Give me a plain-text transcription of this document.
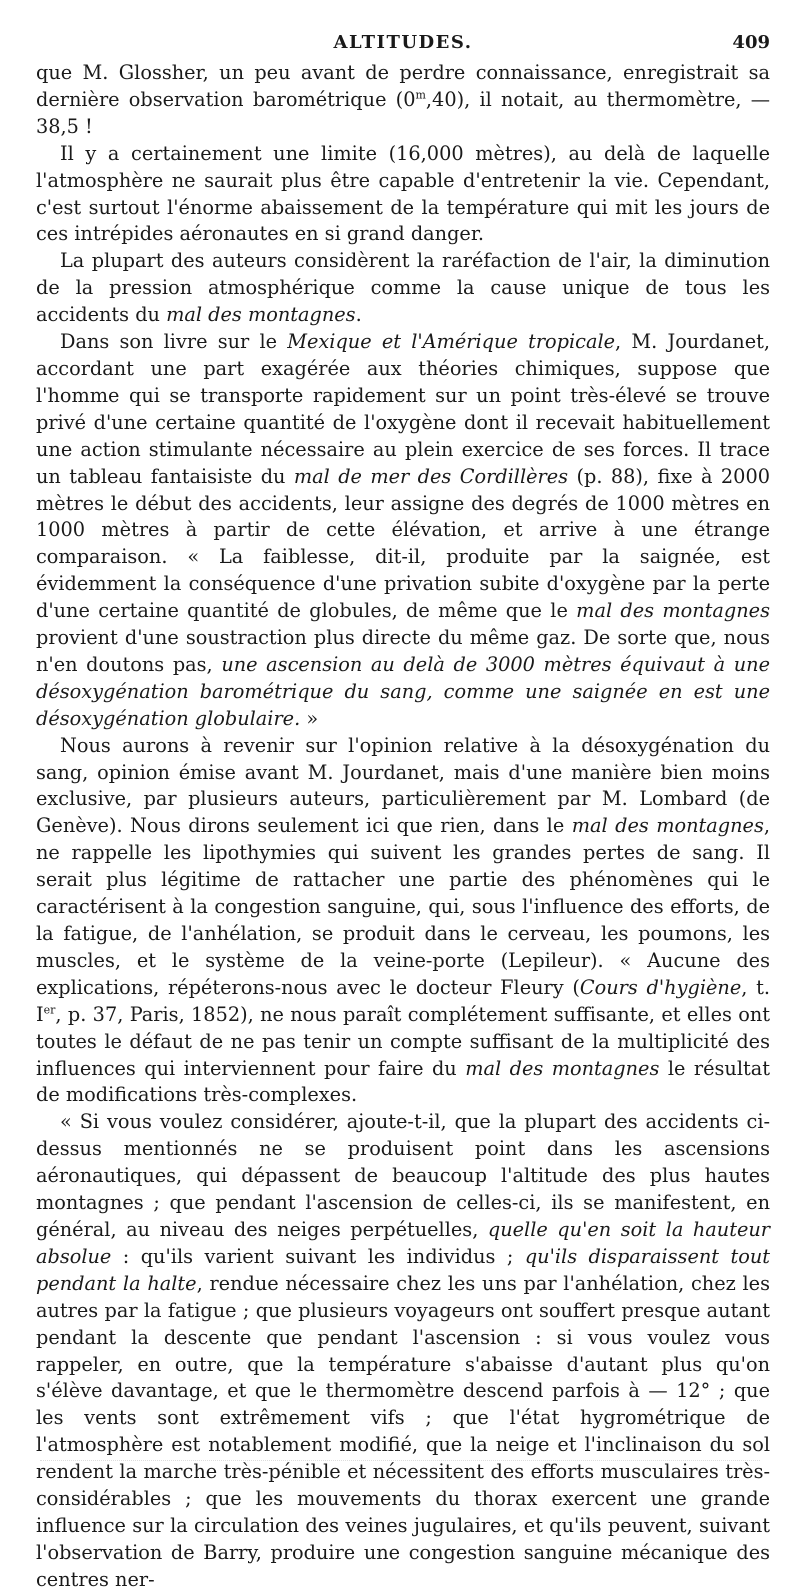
ALTITUDES.	409

que M. Glossher, un peu avant de perdre connaissance, enregistrait sa dernière observation barométrique (0$^m$,40), il notait, au thermomètre, — 38,5 !

Il y a certainement une limite (16,000 mètres), au delà de laquelle l'atmosphère ne saurait plus être capable d'entretenir la vie. Cependant, c'est surtout l'énorme abaissement de la température qui mit les jours de ces intrépides aéronautes en si grand danger.

La plupart des auteurs considèrent la raréfaction de l'air, la diminution de la pression atmosphérique comme la cause unique de tous les accidents du mal des montagnes.

Dans son livre sur le Mexique et l'Amérique tropicale, M. Jourdanet, accordant une part exagérée aux théories chimiques, suppose que l'homme qui se transporte rapidement sur un point très-élevé se trouve privé d'une certaine quantité de l'oxygène dont il recevait habituellement une action stimulante nécessaire au plein exercice de ses forces. Il trace un tableau fantaisiste du mal de mer des Cordillères (p. 88), fixe à 2000 mètres le début des accidents, leur assigne des degrés de 1000 mètres en 1000 mètres à partir de cette élévation, et arrive à une étrange comparaison. « La faiblesse, dit-il, produite par la saignée, est évidemment la conséquence d'une privation subite d'oxygène par la perte d'une certaine quantité de globules, de même que le mal des montagnes provient d'une soustraction plus directe du même gaz. De sorte que, nous n'en doutons pas, une ascension au delà de 3000 mètres équivaut à une désoxygénation barométrique du sang, comme une saignée en est une désoxygénation globulaire. »

Nous aurons à revenir sur l'opinion relative à la désoxygénation du sang, opinion émise avant M. Jourdanet, mais d'une manière bien moins exclusive, par plusieurs auteurs, particulièrement par M. Lombard (de Genève). Nous dirons seulement ici que rien, dans le mal des montagnes, ne rappelle les lipothymies qui suivent les grandes pertes de sang. Il serait plus légitime de rattacher une partie des phénomènes qui le caractérisent à la congestion sanguine, qui, sous l'influence des efforts, de la fatigue, de l'anhélation, se produit dans le cerveau, les poumons, les muscles, et le système de la veine-porte (Lepileur). « Aucune des explications, répéterons-nous avec le docteur Fleury (Cours d'hygiène, t. Ier, p. 37, Paris, 1852), ne nous paraît complétement suffisante, et elles ont toutes le défaut de ne pas tenir un compte suffisant de la multiplicité des influences qui interviennent pour faire du mal des montagnes le résultat de modifications très-complexes.

« Si vous voulez considérer, ajoute-t-il, que la plupart des accidents ci-dessus mentionnés ne se produisent point dans les ascensions aéronautiques, qui dépassent de beaucoup l'altitude des plus hautes montagnes ; que pendant l'ascension de celles-ci, ils se manifestent, en général, au niveau des neiges perpétuelles, quelle qu'en soit la hauteur absolue : qu'ils varient suivant les individus ; qu'ils disparaissent tout pendant la halte, rendue nécessaire chez les uns par l'anhélation, chez les autres par la fatigue ; que plusieurs voyageurs ont souffert presque autant pendant la descente que pendant l'ascension : si vous voulez vous rappeler, en outre, que la température s'abaisse d'autant plus qu'on s'élève davantage, et que le thermomètre descend parfois à — 12° ; que les vents sont extrêmement vifs ; que l'état hygrométrique de l'atmosphère est notablement modifié, que la neige et l'inclinaison du sol rendent la marche très-pénible et nécessitent des efforts musculaires très-considérables ; que les mouvements du thorax exercent une grande influence sur la circulation des veines jugulaires, et qu'ils peuvent, suivant l'observation de Barry, produire une congestion sanguine mécanique des centres ner-
